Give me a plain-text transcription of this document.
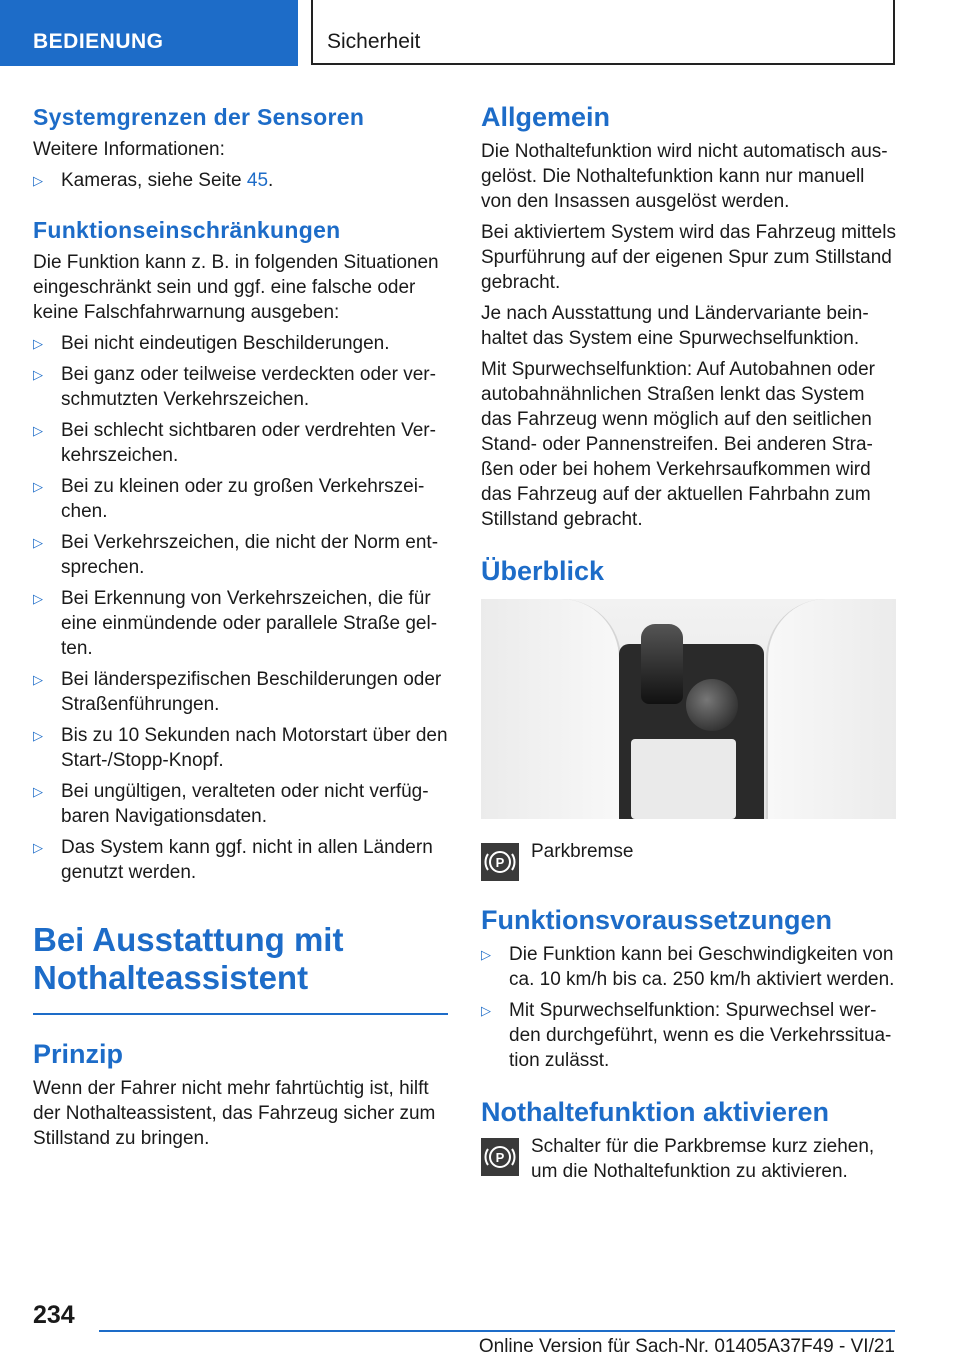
BEDIENUNG	Sicherheit
Systemgrenzen der Sensoren

Weitere Informationen:

▷ Kameras, siehe Seite 45.
Funktionseinschränkungen

Die Funktion kann z. B. in folgenden Situationen eingeschränkt sein und ggf. eine falsche oder keine Falschfahrwarnung ausgeben:

▷ Bei nicht eindeutigen Beschilderungen.
▷ Bei ganz oder teilweise verdeckten oder verschmutzten Verkehrszeichen.
▷ Bei schlecht sichtbaren oder verdrehten Verkehrszeichen.
▷ Bei zu kleinen oder zu großen Verkehrszeichen.
▷ Bei Verkehrszeichen, die nicht der Norm entsprechen.
▷ Bei Erkennung von Verkehrszeichen, die für eine einmündende oder parallele Straße gelten.
▷ Bei länderspezifischen Beschilderungen oder Straßenführungen.
▷ Bis zu 10 Sekunden nach Motorstart über den Start-/Stopp-Knopf.
▷ Bei ungültigen, veralteten oder nicht verfügbaren Navigationsdaten.
▷ Das System kann ggf. nicht in allen Ländern genutzt werden.
Bei Ausstattung mit Nothalteassistent
Prinzip

Wenn der Fahrer nicht mehr fahrtüchtig ist, hilft der Nothalteassistent, das Fahrzeug sicher zum Stillstand zu bringen.

Allgemein

Die Nothaltefunktion wird nicht automatisch ausgelöst. Die Nothaltefunktion kann nur manuell von den Insassen ausgelöst werden.

Bei aktiviertem System wird das Fahrzeug mittels Spurführung auf der eigenen Spur zum Stillstand gebracht.

Je nach Ausstattung und Ländervariante beinhaltet das System eine Spurwechselfunktion.

Mit Spurwechselfunktion: Auf Autobahnen oder autobahnähnlichen Straßen lenkt das System das Fahrzeug wenn möglich auf den seitlichen Stand- oder Pannenstreifen. Bei anderen Straßen oder bei hohem Verkehrsaufkommen wird das Fahrzeug auf der aktuellen Fahrbahn zum Stillstand gebracht.

Überblick
P
Parkbremse
Funktionsvoraussetzungen
▷ Die Funktion kann bei Geschwindigkeiten von ca. 10 km/h bis ca. 250 km/h aktiviert werden.
▷ Mit Spurwechselfunktion: Spurwechsel werden durchgeführt, wenn es die Verkehrssituation zulässt.
Nothaltefunktion aktivieren
P
Schalter für die Parkbremse kurz ziehen, um die Nothaltefunktion zu aktivieren.
234
Online Version für Sach-Nr. 01405A37F49 - VI/21
